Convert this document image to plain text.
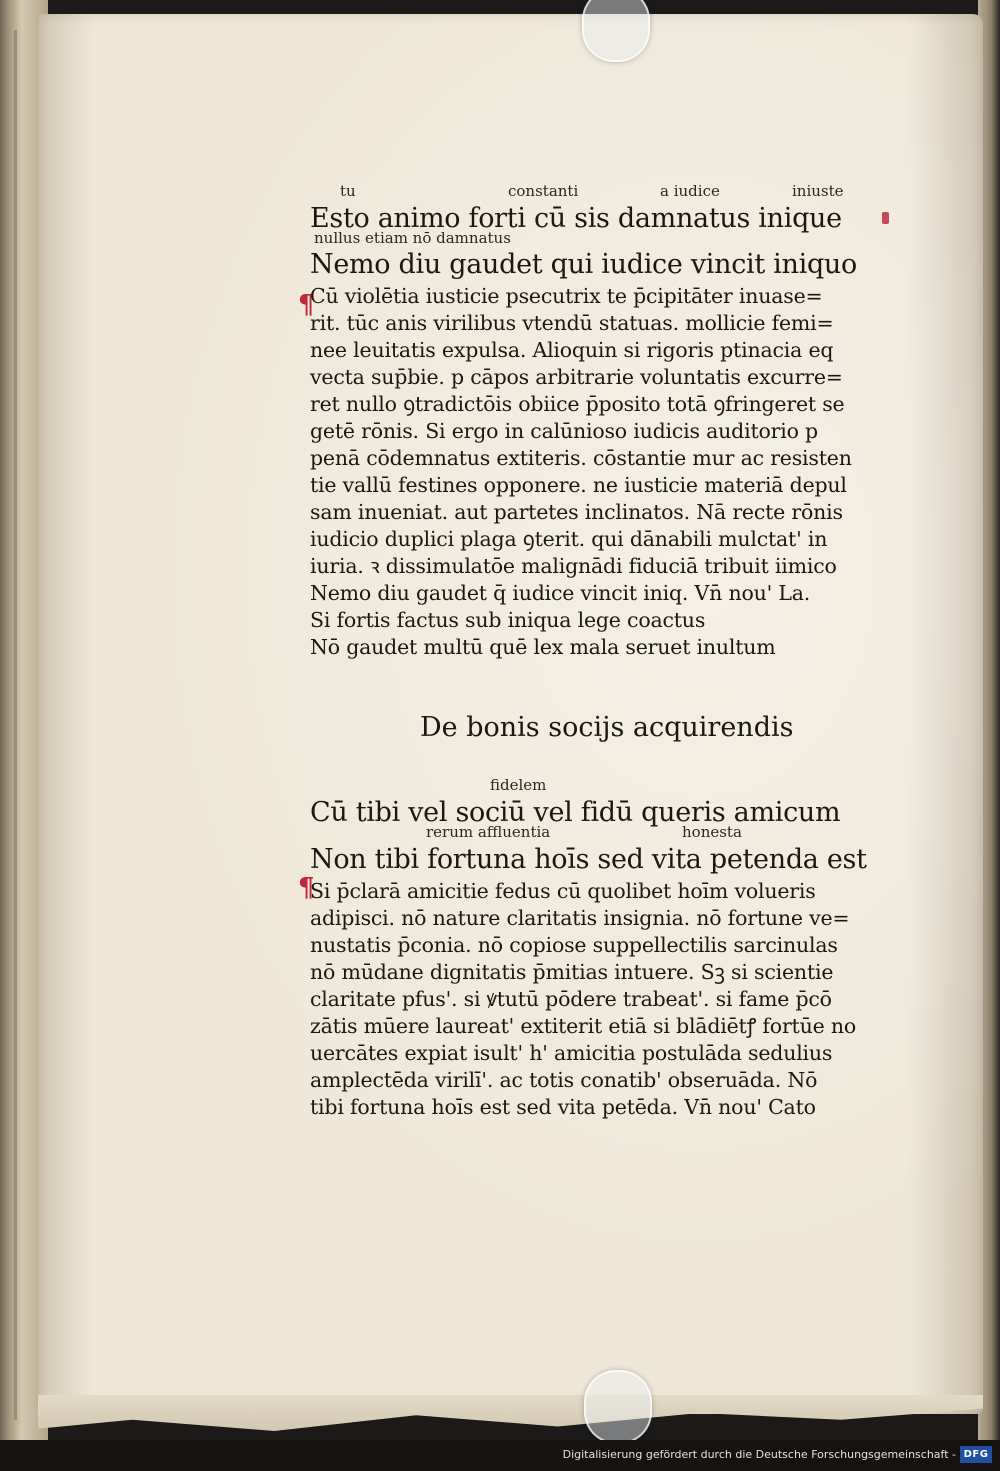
¶
¶
tu	constanti	a iudice	iniuste
Esto animo forti cū sis damnatus inique
nullus etiam nō damnatus
Nemo diu gaudet qui iudice vincit iniquo
Cū violētia iusticie psecutrix te p̄cipitāter inuase=
rit. tūc anis virilibus vtendū statuas. mollicie femi=
nee leuitatis expulsa. Alioquin si rigoris ptinacia eq
vecta sup̄bie. p cāpos arbitrarie voluntatis excurre=
ret nullo ꝯtradictōis obiice p̄posito totā ꝯfringeret se
getē rōnis. Si ergo in calūnioso iudicis auditorio p
penā cōdemnatus extiteris. cōstantie mur ac resisten
tie vallū festines opponere. ne iusticie materiā depul
sam inueniat. aut partetes inclinatos. Nā recte rōnis
iudicio duplici plaga ꝯterit. qui dānabili mulctat' in
iuria. ꝛ dissimulatōe malignādi fiduciā tribuit iimico
Nemo diu gaudet q̄ iudice vincit iniq. Vn̄ nou' La.
Si fortis factus sub iniqua lege coactus
Nō gaudet multū quē lex mala seruet inultum
De bonis socijs acquirendis
fidelem
Cū tibi vel sociū vel fidū queris amicum
rerum affluentia	honesta
Non tibi fortuna hoīs sed vita petenda est
Si p̄clarā amicitie fedus cū quolibet hoīm volueris
adipisci. nō nature claritatis insignia. nō fortune ve=
nustatis p̄conia. nō copiose suppellectilis sarcinulas
nō mūdane dignitatis p̄mitias intuere. Sꝫ si scientie
claritate pfus'. si ꝟtutū pōdere trabeat'. si fame p̄cō
zātis mūere laureat' extiterit etiā si blādiētꝭ fortūe no
uercātes expiat isult' h' amicitia postulāda sedulius
amplectēda virilī'. ac totis conatib' obseruāda. Nō
tibi fortuna hoīs est sed vita petēda. Vn̄ nou' Cato
Digitalisierung gefördert durch die Deutsche Forschungsgemeinschaft - DFG
